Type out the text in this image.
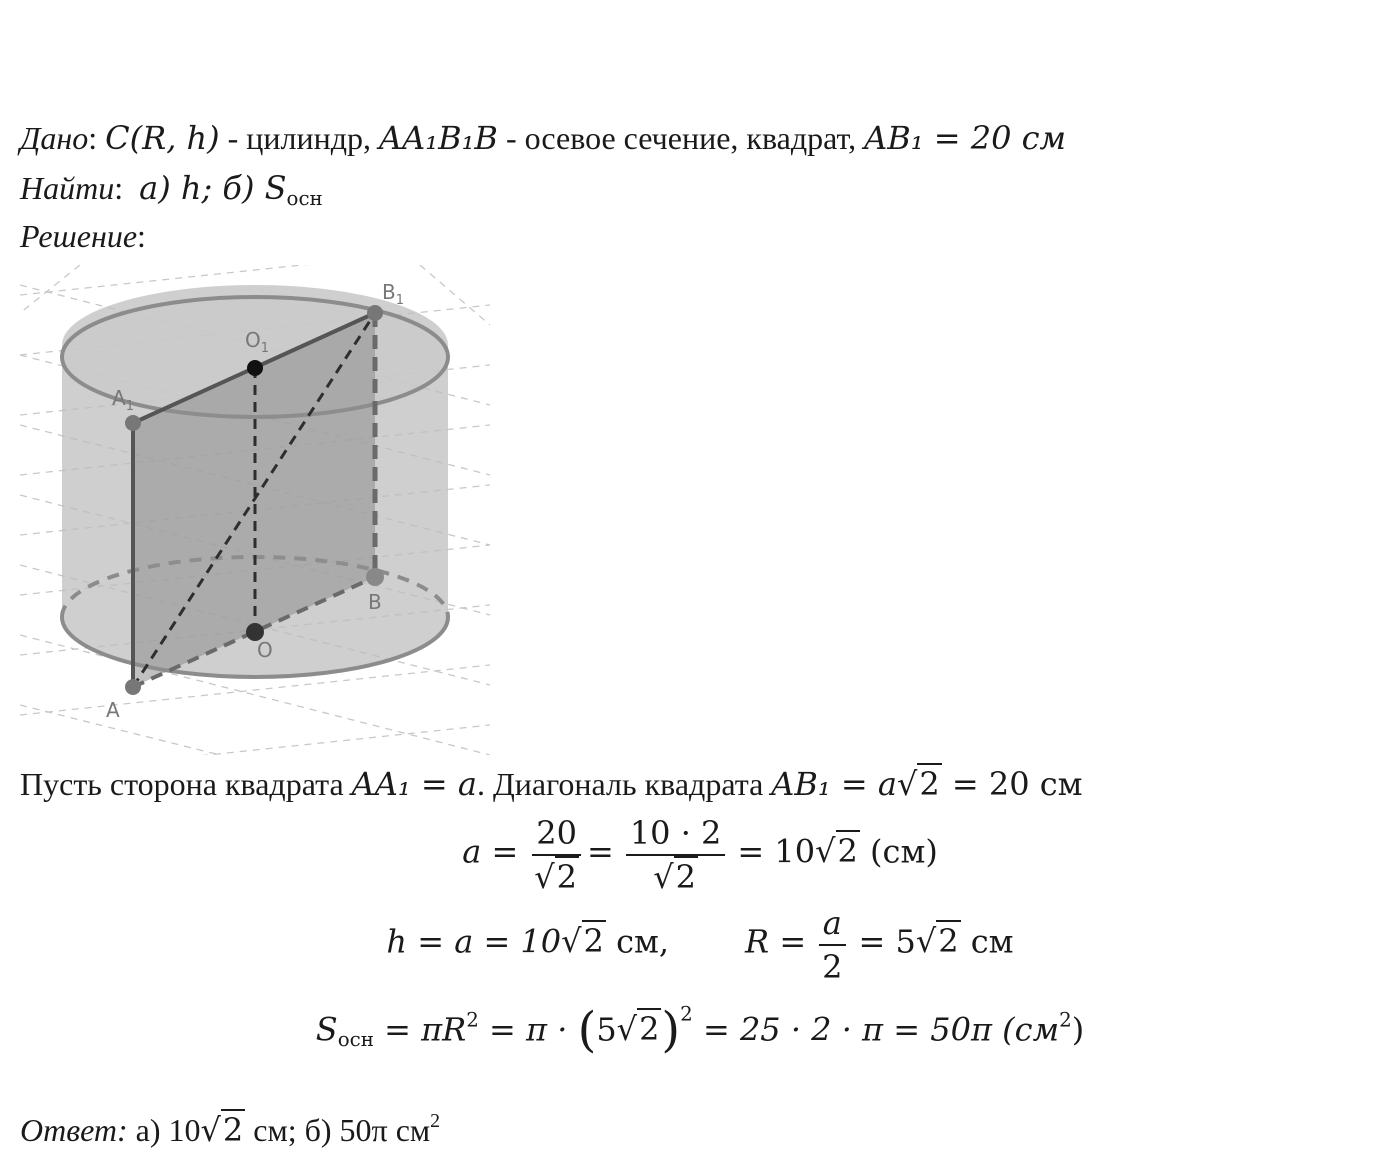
Дано: C(R, h) - цилиндр, AA₁B₁B - осевое сечение, квадрат, AB₁ = 20 см
Найти:  а) h; б) $S_{осн}$
Решение:
$B_1$
$O_1$
$A_1$
B
O
A
Пусть сторона квадрата AA₁ = a. Диагональ квадрата AB₁ = a√2 = 20 см
$a = \frac{20}{√2} = \frac{10 \cdot 2}{√2} = 10√2$ (см)
h = a = 10√2 см, $R = \frac{a}{2} = 5√2$ см
$S_{осн} = \pi R^2 = \pi \cdot (5√2)^2 = 25 \cdot 2 \cdot \pi = 50\pi$ $(см^2)$
Ответ: а) 10√2 см; б) 50π $см^2$
